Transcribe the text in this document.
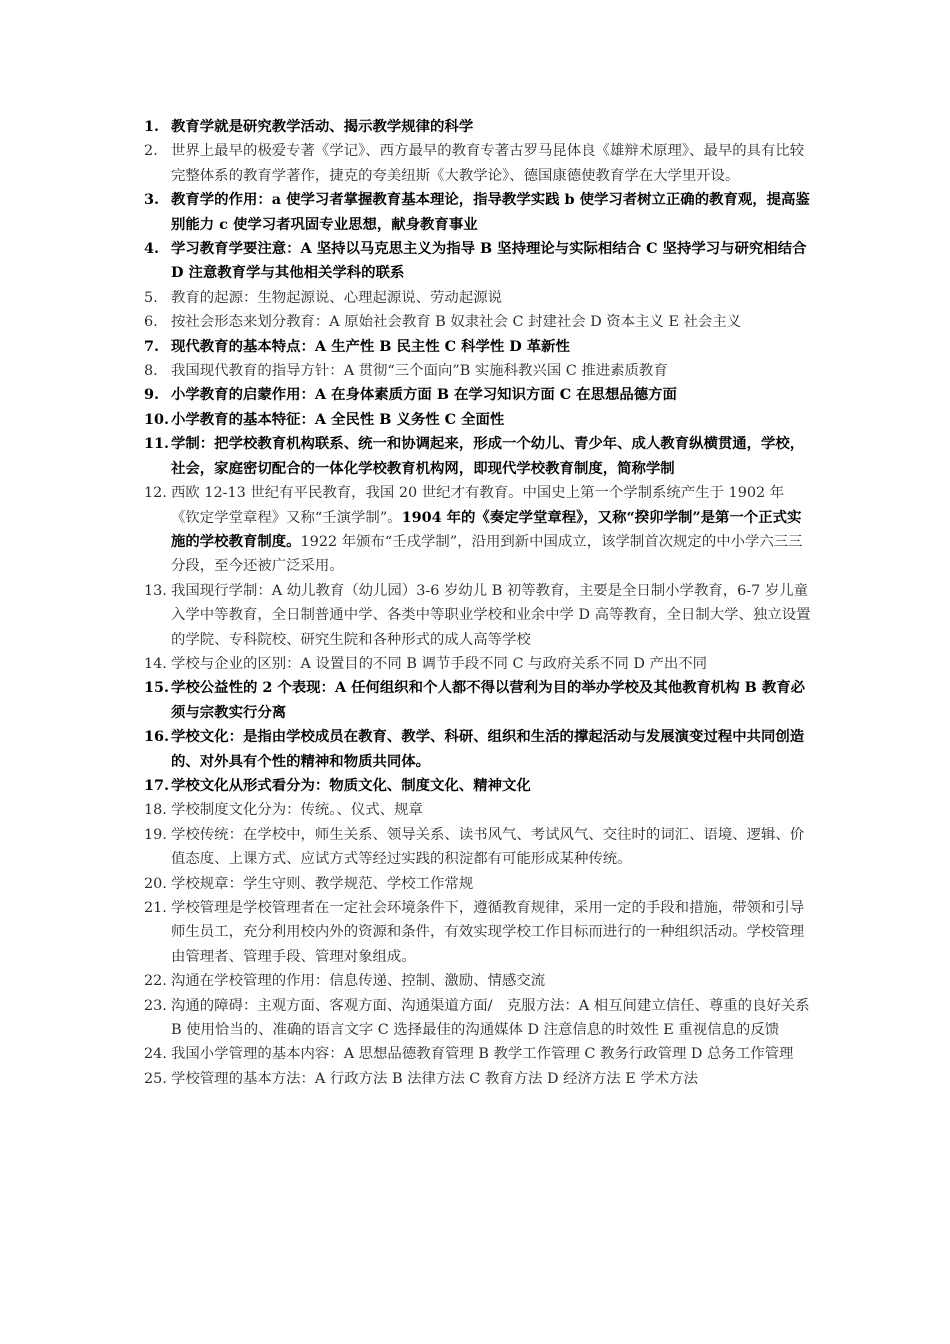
1. 教育学就是研究教学活动、揭示教学规律的科学

2. 世界上最早的极爱专著《学记》、西方最早的教育专著古罗马昆体良《雄辩术原理》、最早的具有比较完整体系的教育学著作，捷克的夸美纽斯《大教学论》、德国康德使教育学在大学里开设。

3. 教育学的作用：a 使学习者掌握教育基本理论，指导教学实践 b 使学习者树立正确的教育观，提高鉴别能力 c 使学习者巩固专业思想，献身教育事业

4. 学习教育学要注意：A 坚持以马克思主义为指导 B 坚持理论与实际相结合 C 坚持学习与研究相结合 D 注意教育学与其他相关学科的联系

5. 教育的起源：生物起源说、心理起源说、劳动起源说

6. 按社会形态来划分教育：A 原始社会教育 B 奴隶社会 C 封建社会 D 资本主义 E 社会主义

7. 现代教育的基本特点：A 生产性 B 民主性 C 科学性 D 革新性

8. 我国现代教育的指导方针：A 贯彻“三个面向”B 实施科教兴国 C 推进素质教育

9. 小学教育的启蒙作用：A 在身体素质方面 B 在学习知识方面 C 在思想品德方面

10. 小学教育的基本特征：A 全民性 B 义务性 C 全面性

11. 学制：把学校教育机构联系、统一和协调起来，形成一个幼儿、青少年、成人教育纵横贯通，学校，社会，家庭密切配合的一体化学校教育机构网，即现代学校教育制度，简称学制

12. 西欧 12-13 世纪有平民教育，我国 20 世纪才有教育。中国史上第一个学制系统产生于 1902 年《钦定学堂章程》又称“壬演学制”。1904 年的《奏定学堂章程》，又称“揆卯学制”是第一个正式实施的学校教育制度。1922 年颁布“壬戌学制”，沿用到新中国成立，该学制首次规定的中小学六三三分段，至今还被广泛采用。

13. 我国现行学制：A 幼儿教育（幼儿园）3-6 岁幼儿 B 初等教育，主要是全日制小学教育，6-7 岁儿童入学中等教育，全日制普通中学、各类中等职业学校和业余中学 D 高等教育，全日制大学、独立设置的学院、专科院校、研究生院和各种形式的成人高等学校

14. 学校与企业的区别：A 设置目的不同 B 调节手段不同 C 与政府关系不同 D 产出不同

15. 学校公益性的 2 个表现：A 任何组织和个人都不得以营利为目的举办学校及其他教育机构 B 教育必须与宗教实行分离

16. 学校文化：是指由学校成员在教育、教学、科研、组织和生活的撑起活动与发展演变过程中共同创造的、对外具有个性的精神和物质共同体。

17. 学校文化从形式看分为：物质文化、制度文化、精神文化

18. 学校制度文化分为：传统。、仪式、规章

19. 学校传统：在学校中，师生关系、领导关系、读书风气、考试风气、交往时的词汇、语境、逻辑、价值态度、上课方式、应试方式等经过实践的积淀都有可能形成某种传统。

20. 学校规章：学生守则、教学规范、学校工作常规

21. 学校管理是学校管理者在一定社会环境条件下，遵循教育规律，采用一定的手段和措施，带领和引导师生员工，充分利用校内外的资源和条件，有效实现学校工作目标而进行的一种组织活动。学校管理由管理者、管理手段、管理对象组成。

22. 沟通在学校管理的作用：信息传递、控制、激励、情感交流

23. 沟通的障碍：主观方面、客观方面、沟通渠道方面/　克服方法：A 相互间建立信任、尊重的良好关系 B 使用恰当的、准确的语言文字 C 选择最佳的沟通媒体 D 注意信息的时效性 E 重视信息的反馈

24. 我国小学管理的基本内容：A 思想品德教育管理 B 教学工作管理 C 教务行政管理 D 总务工作管理

25. 学校管理的基本方法：A 行政方法 B 法律方法 C 教育方法 D 经济方法 E 学术方法
